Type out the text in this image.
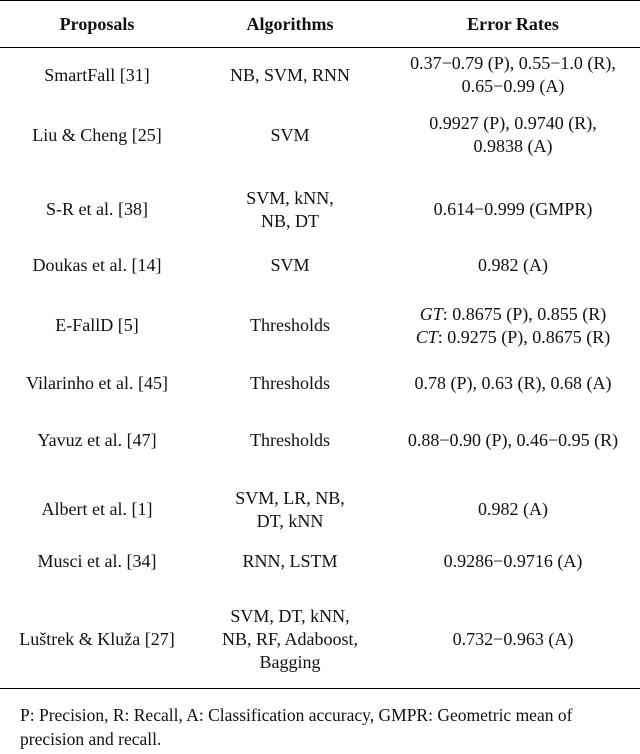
Proposals	Algorithms	Error Rates
SmartFall [31]	NB, SVM, RNN	0.37−0.79 (P), 0.55−1.0 (R),
0.65−0.99 (A)

Liu & Cheng [25]	SVM	0.9927 (P), 0.9740 (R),
0.9838 (A)

S-R et al. [38]	SVM, kNN,
NB, DT	0.614−0.999 (GMPR)

Doukas et al. [14]	SVM	0.982 (A)

E-FallD [5]	Thresholds	GT: 0.8675 (P), 0.855 (R)
CT: 0.9275 (P), 0.8675 (R)

Vilarinho et al. [45]	Thresholds	0.78 (P), 0.63 (R), 0.68 (A)

Yavuz et al. [47]	Thresholds	0.88−0.90 (P), 0.46−0.95 (R)

Albert et al. [1]	SVM, LR, NB,
DT, kNN	0.982 (A)

Musci et al. [34]	RNN, LSTM	0.9286−0.9716 (A)

Luštrek & Kluža [27]	SVM, DT, kNN,
NB, RF, Adaboost,
Bagging	0.732−0.963 (A)
P: Precision, R: Recall, A: Classification accuracy, GMPR: Geometric mean of precision and recall.
